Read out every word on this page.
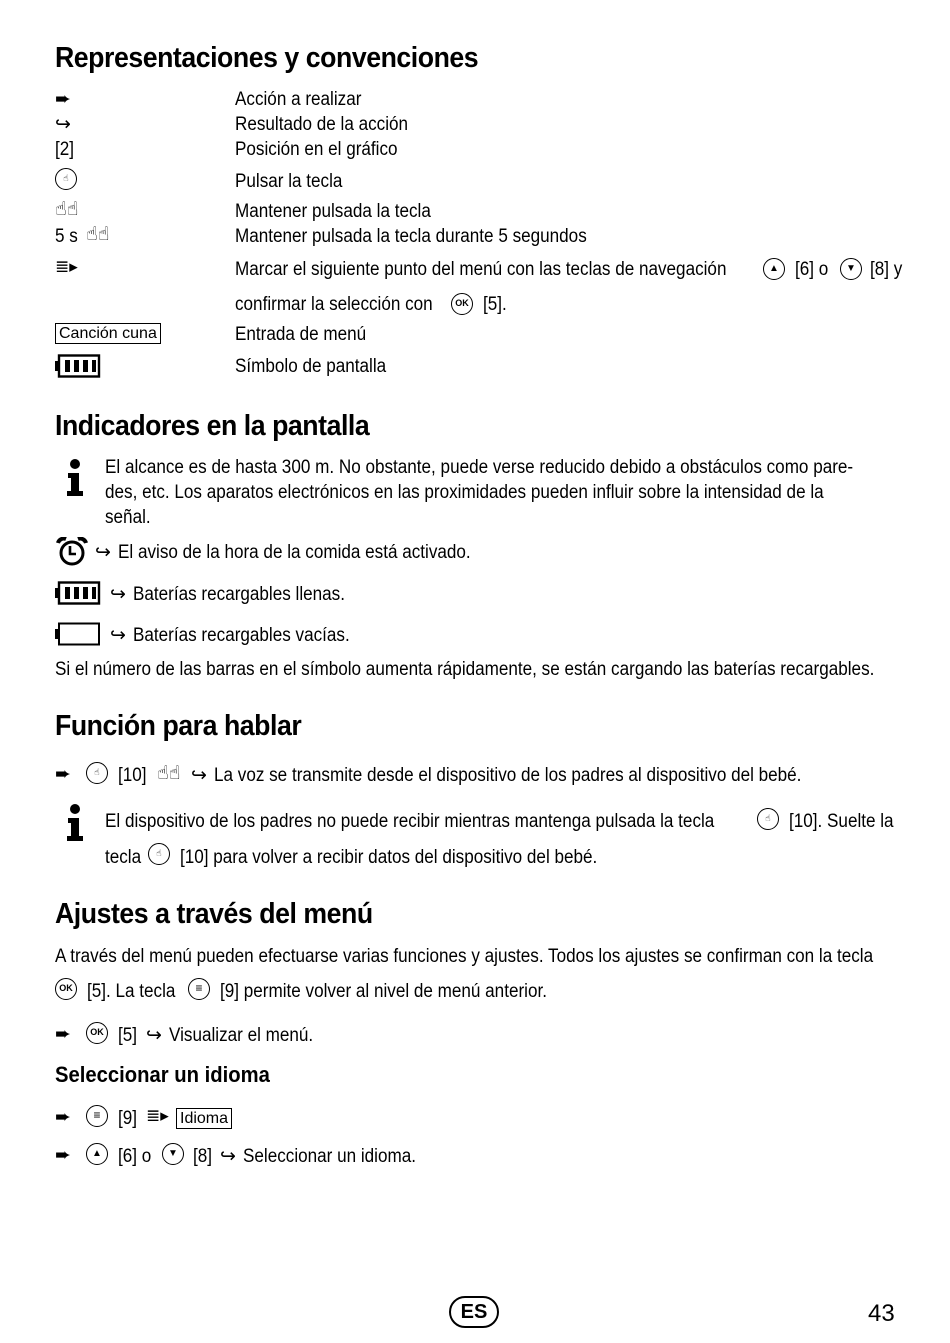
Representaciones y convenciones
➨	Acción a realizar
↪	Resultado de la acción
[2]	Posición en el gráfico
☝	Pulsar la tecla
☝☝	Mantener pulsada la tecla
5 s ☝☝	Mantener pulsada la tecla durante 5 segundos
≣▸	Marcar el siguiente punto del menú con las teclas de navegación	▲ [6] o	▼ [8] y
confirmar la selección con	OK [5].
Canción cuna	Entrada de menú
Símbolo de pantalla
Indicadores en la pantalla
El alcance es de hasta 300 m. No obstante, puede verse reducido debido a obstáculos como pare-
des, etc. Los aparatos electrónicos en las proximidades pueden influir sobre la intensidad de la
señal.
↪ El aviso de la hora de la comida está activado.
↪ Baterías recargables llenas.
↪ Baterías recargables vacías.
Si el número de las barras en el símbolo aumenta rápidamente, se están cargando las baterías recargables.
Función para hablar
➨	☝ [10] ☝☝ ↪ La voz se transmite desde el dispositivo de los padres al dispositivo del bebé.
El dispositivo de los padres no puede recibir mientras mantenga pulsada la tecla	☝ [10]. Suelte la
tecla	☝ [10] para volver a recibir datos del dispositivo del bebé.
Ajustes a través del menú
A través del menú pueden efectuarse varias funciones y ajustes. Todos los ajustes se confirman con la tecla
OK [5]. La tecla	≡ [9] permite volver al nivel de menú anterior.
➨	OK [5] ↪ Visualizar el menú.
Seleccionar un idioma
➨	≡ [9] ≣▸ Idioma
➨	▲ [6] o	▼ [8] ↪ Seleccionar un idioma.
ES	43
